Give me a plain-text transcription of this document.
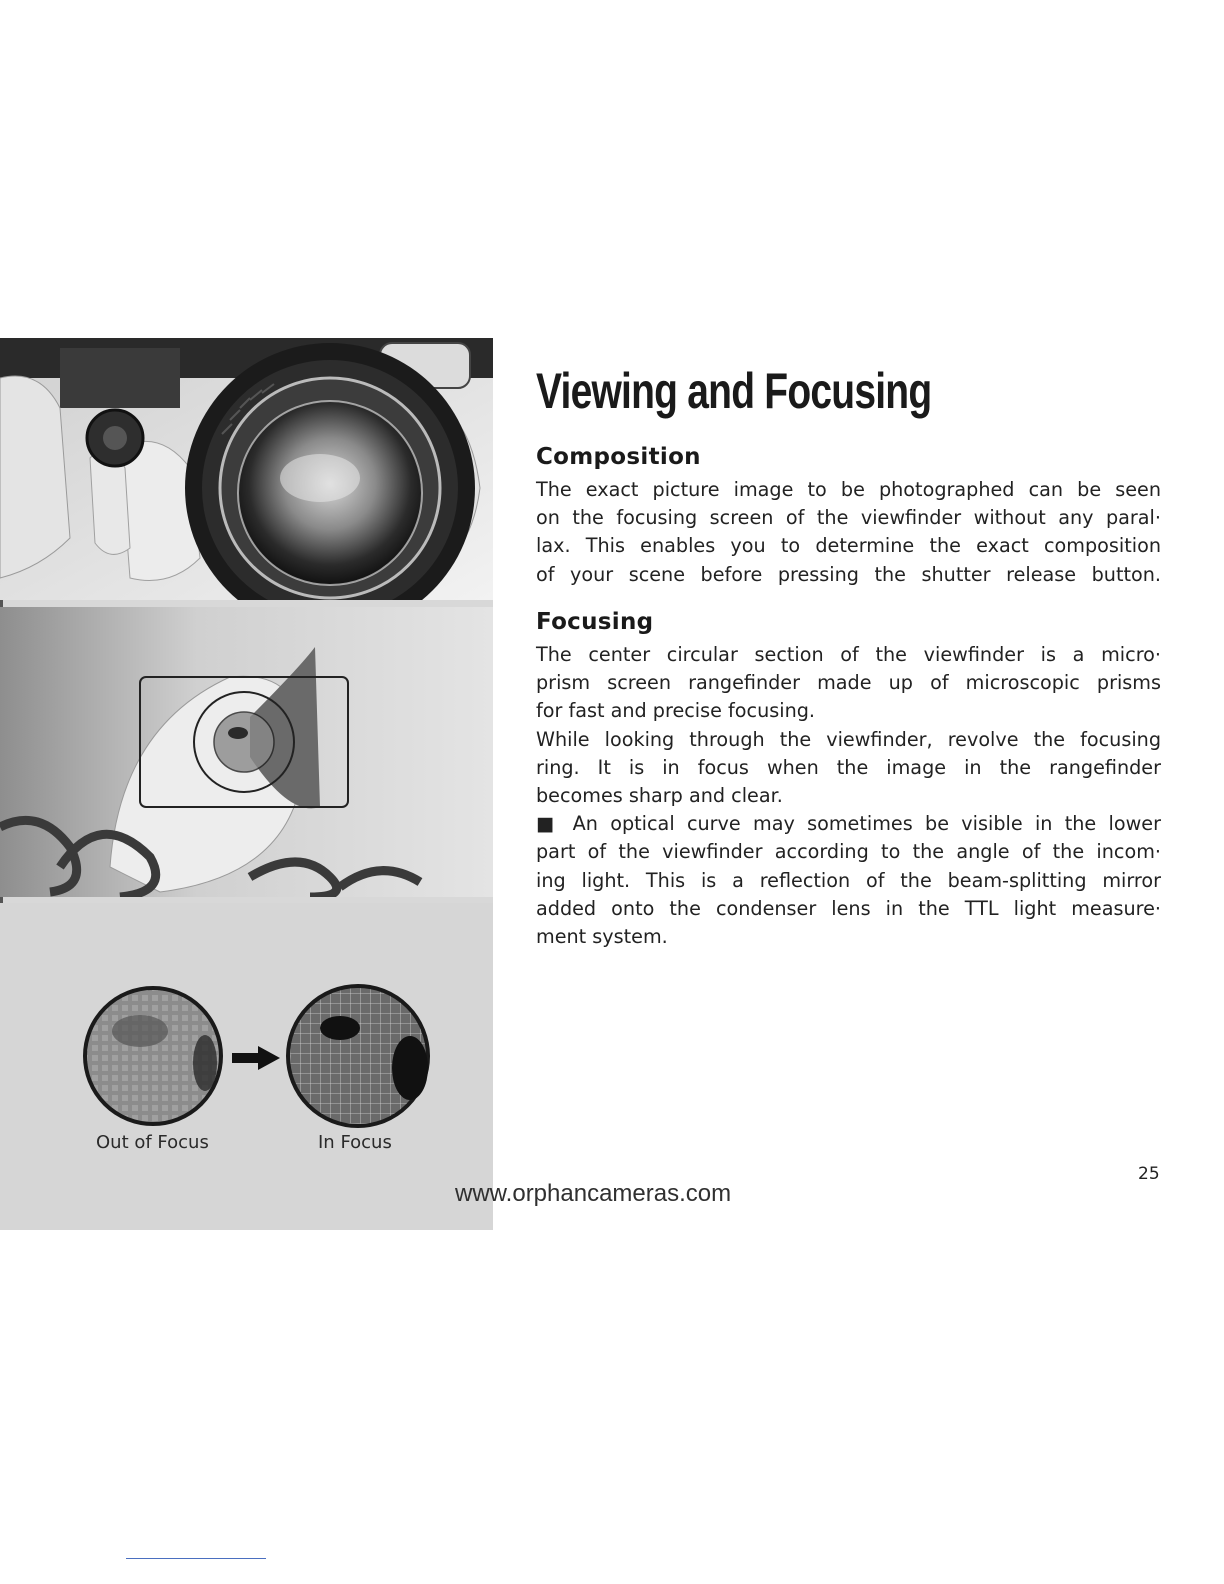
Out of Focus	In Focus
Viewing and Focusing
Composition
The exact picture image to be photographed can be seen
on the focusing screen of the viewfinder without any paral·
lax. This enables you to determine the exact composition
of your scene before pressing the shutter release button.
Focusing
The center circular section of the viewfinder is a micro·
prism screen rangefinder made up of microscopic prisms
for fast and precise focusing.
While looking through the viewfinder, revolve the focusing
ring. It is in focus when the image in the rangefinder
becomes sharp and clear.
■ An optical curve may sometimes be visible in the lower
part of the viewfinder according to the angle of the incom·
ing light. This is a reflection of the beam-splitting mirror
added onto the condenser lens in the TTL light measure·
ment system.
25
www.orphancameras.com
